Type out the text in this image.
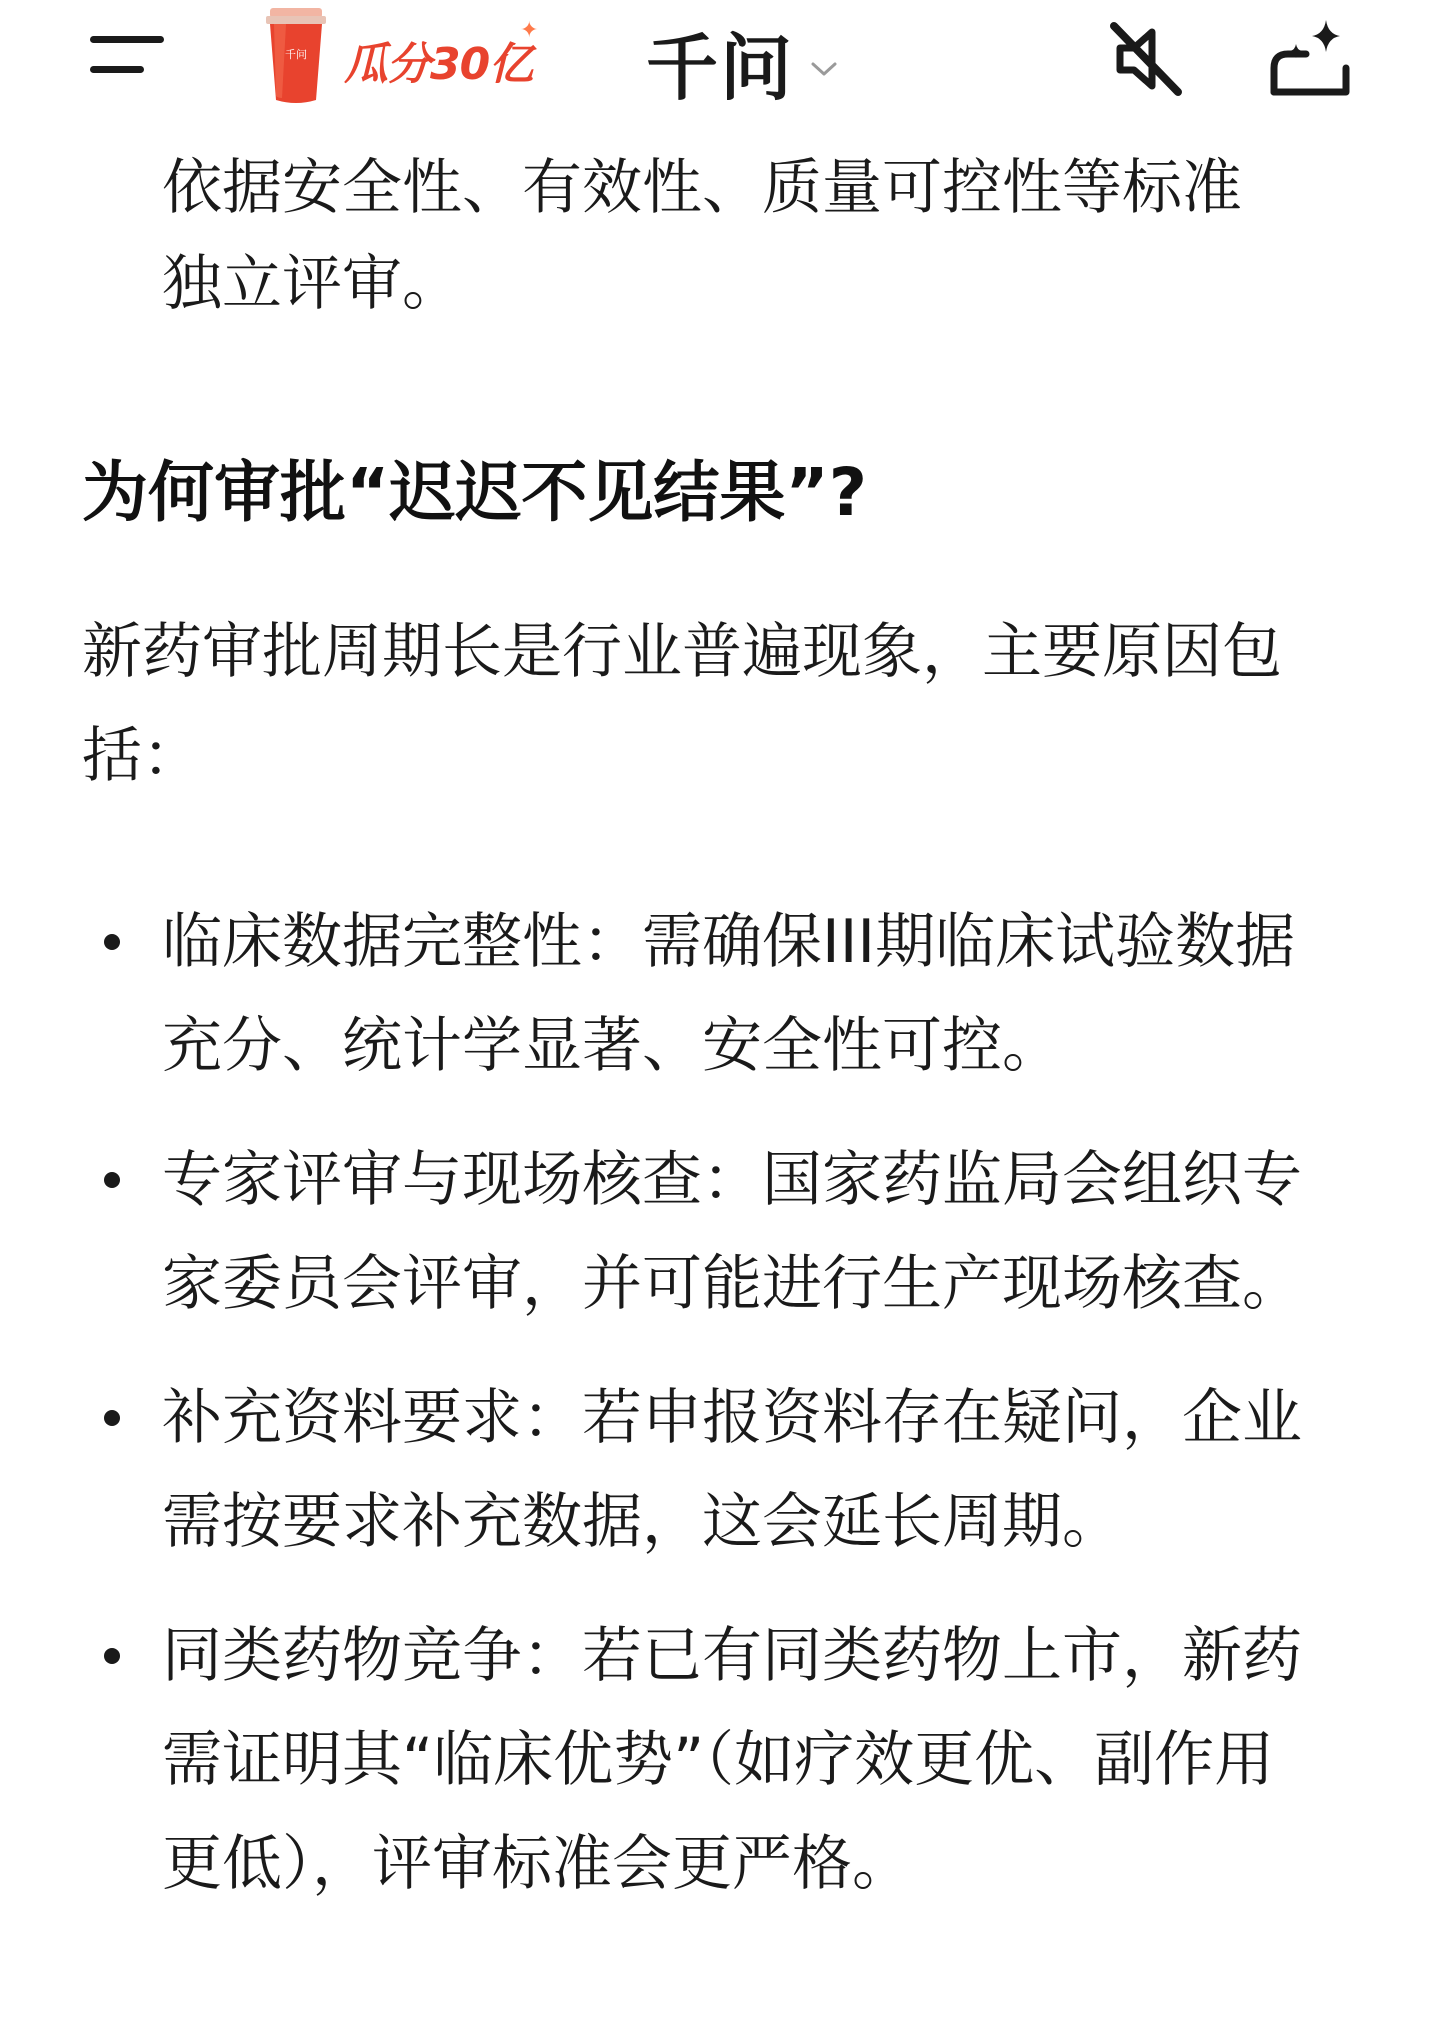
依据安全性、有效性、质量可控性等标准
独立评审。
为何审批“迟迟不见结果”?
新药审批周期长是行业普遍现象，主要原因包括：
临床数据完整性：需确保III期临床试验数据充分、统计学显著、安全性可控。
专家评审与现场核查：国家药监局会组织专家委员会评审，并可能进行生产现场核查。
补充资料要求：若申报资料存在疑问，企业需按要求补充数据，这会延长周期。
同类药物竞争：若已有同类药物上市，新药需证明其“临床优势”（如疗效更优、副作用更低），评审标准会更严格。
千问 瓜分30亿
✦ 千问
